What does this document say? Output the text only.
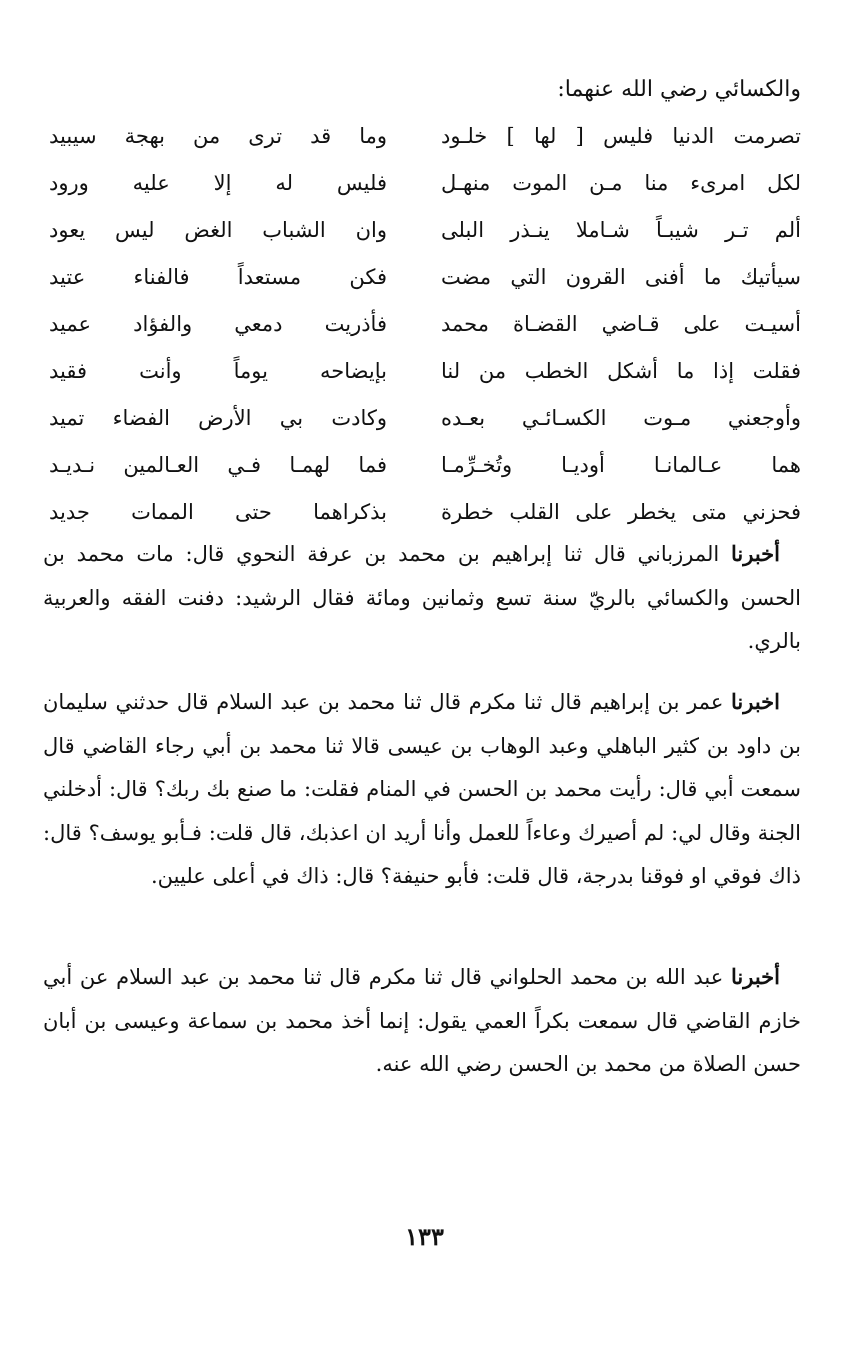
والكسائي رضي الله عنهما:
تصرمت الدنيا فليس [ لها ] خلـود
وما قد ترى من بهجة سيبيد
لكل امرىء منا مـن الموت منهـل
فليس له إلا عليه ورود
ألم تـر شيبـاً شـاملا ينـذر البلى
وان الشباب الغض ليس يعود
سيأتيك ما أفنى القرون التي مضت
فكن مستعداً فالفناء عتيد
أسيـت على قـاضي القضـاة محمد
فأذريت دمعي والفؤاد عميد
فقلت إذا ما أشكل الخطب من لنا
بإيضاحه يوماً وأنت فقيد
وأوجعني مـوت الكسـائـي بعـده
وكادت بي الأرض الفضاء تميد
هما عـالمانـا أوديـا وتُخـرِّمـا
فما لهمـا فـي العـالمين نـديـد
فحزني متى يخطر على القلب خطرة
بذكراهما حتى الممات جديد

 أخبرنا المرزباني قال ثنا إبراهيم بن محمد بن عرفة النحوي قال: مات محمد بن الحسن والكسائي بالريّ سنة تسع وثمانين ومائة فقال الرشيد: دفنت الفقه والعربية بالري.

 اخبرنا عمر بن إبراهيم قال ثنا مكرم قال ثنا محمد بن عبد السلام قال حدثني سليمان بن داود بن كثير الباهلي وعبد الوهاب بن عيسى قالا ثنا محمد بن أبي رجاء القاضي قال سمعت أبي قال: رأيت محمد بن الحسن في المنام فقلت: ما صنع بك ربك؟ قال: أدخلني الجنة وقال لي: لم أصيرك وعاءاً للعمل وأنا أريد ان اعذبك، قال قلت: فـأبو يوسف؟ قال: ذاك فوقي او فوقنا بدرجة، قال قلت: فأبو حنيفة؟ قال: ذاك في أعلى عليين.

 أخبرنا عبد الله بن محمد الحلواني قال ثنا مكرم قال ثنا محمد بن عبد السلام عن أبي خازم القاضي قال سمعت بكراً العمي يقول: إنما أخذ محمد بن سماعة وعيسى بن أبان حسن الصلاة من محمد بن الحسن رضي الله عنه.

١٣٣
